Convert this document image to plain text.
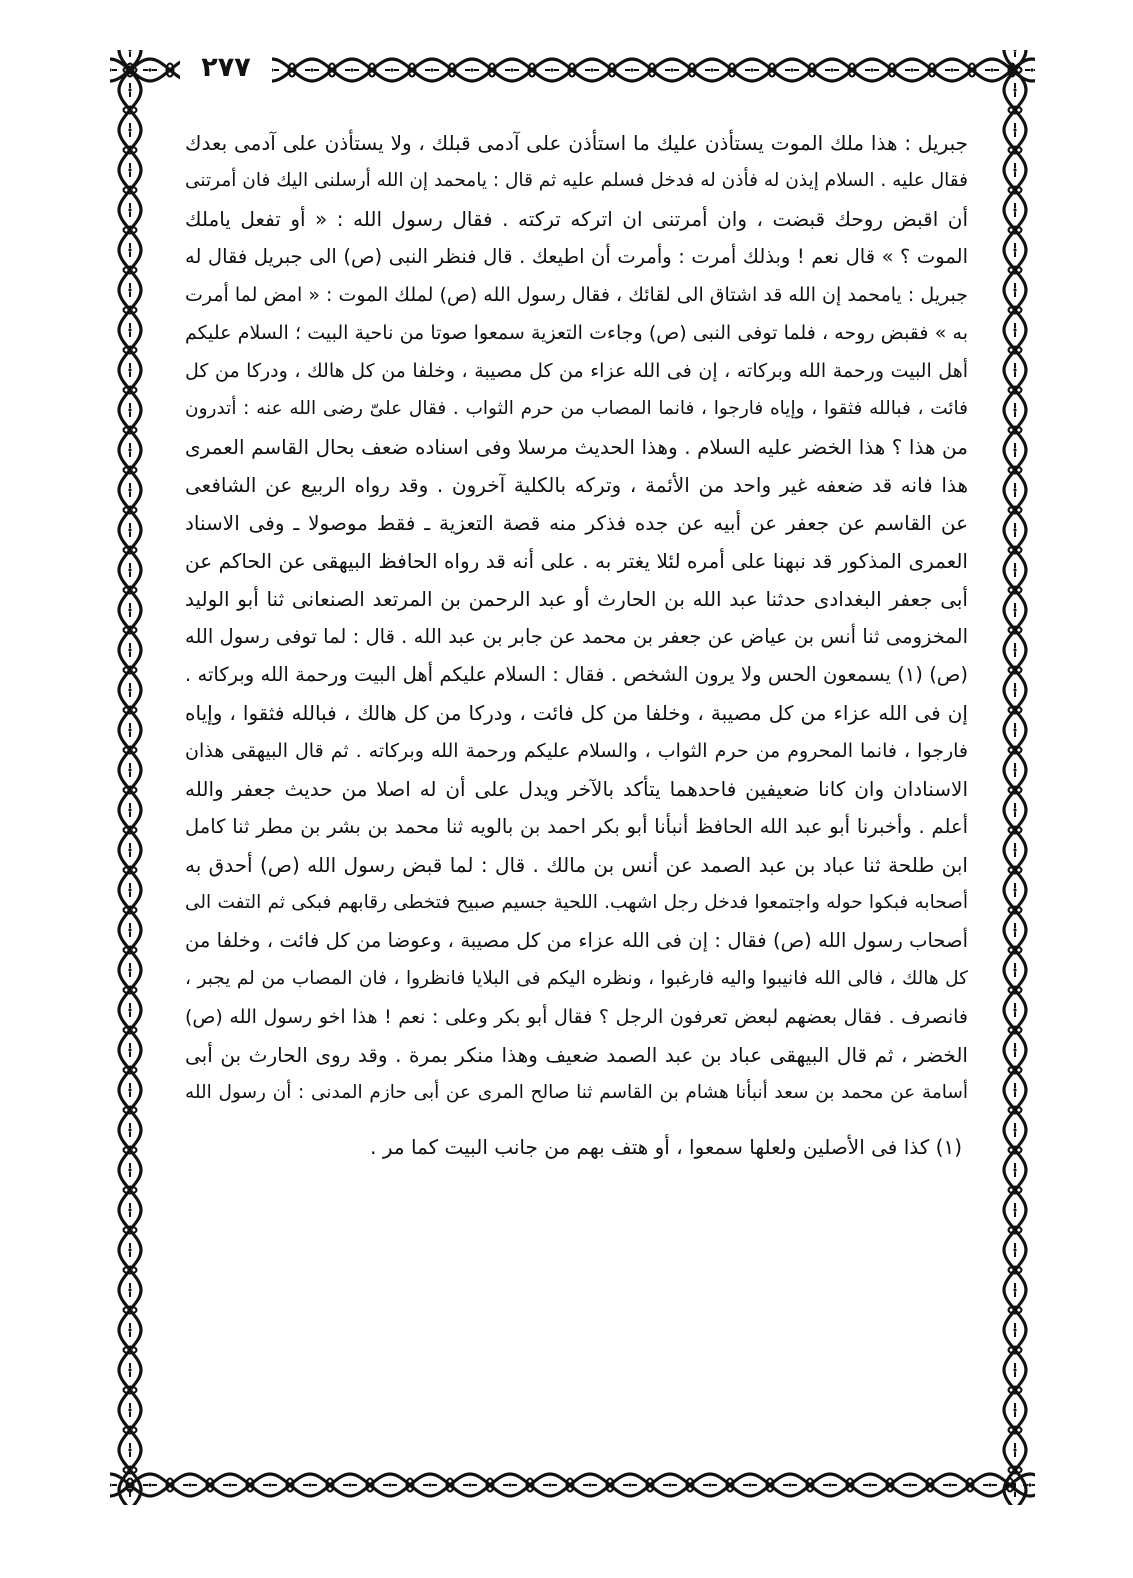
٢٧٧
جبريل : هذا ملك الموت يستأذن عليك ما استأذن على آدمى قبلك ، ولا يستأذن على آدمى بعدك
فقال عليه . السلام إيذن له فأذن له فدخل فسلم عليه ثم قال : يامحمد إن الله أرسلنى اليك فان أمرتنى
أن اقبض روحك قبضت ، وان أمرتنى ان اتركه تركته . فقال رسول الله : « أو تفعل ياملك
الموت ؟ » قال نعم ! وبذلك أمرت : وأمرت أن اطيعك . قال فنظر النبى (ص) الى جبريل فقال له
جبريل : يامحمد إن الله قد اشتاق الى لقائك ، فقال رسول الله (ص) لملك الموت : « امض لما أمرت
به » فقبض روحه ، فلما توفى النبى (ص) وجاءت التعزية سمعوا صوتا من ناحية البيت ؛ السلام عليكم
أهل البيت ورحمة الله وبركاته ، إن فى الله عزاء من كل مصيبة ، وخلفا من كل هالك ، ودركا من كل
فائت ، فبالله فثقوا ، وإياه فارجوا ، فانما المصاب من حرم الثواب . فقال علىّ رضى الله عنه : أتدرون
من هذا ؟ هذا الخضر عليه السلام . وهذا الحديث مرسلا وفى اسناده ضعف بحال القاسم العمرى
هذا فانه قد ضعفه غير واحد من الأئمة ، وتركه بالكلية آخرون . وقد رواه الربيع عن الشافعى
عن القاسم عن جعفر عن أبيه عن جده فذكر منه قصة التعزية ـ فقط موصولا ـ وفى الاسناد
العمرى المذكور قد نبهنا على أمره لئلا يغتر به . على أنه قد رواه الحافظ البيهقى عن الحاكم عن
أبى جعفر البغدادى حدثنا عبد الله بن الحارث أو عبد الرحمن بن المرتعد الصنعانى ثنا أبو الوليد
المخزومى ثنا أنس بن عياض عن جعفر بن محمد عن جابر بن عبد الله . قال : لما توفى رسول الله
(ص) (١) يسمعون الحس ولا يرون الشخص . فقال : السلام عليكم أهل البيت ورحمة الله وبركاته .
إن فى الله عزاء من كل مصيبة ، وخلفا من كل فائت ، ودركا من كل هالك ، فبالله فثقوا ، وإياه
فارجوا ، فانما المحروم من حرم الثواب ، والسلام عليكم ورحمة الله وبركاته . ثم قال البيهقى هذان
الاسنادان وان كانا ضعيفين فاحدهما يتأكد بالآخر ويدل على أن له اصلا من حديث جعفر والله
أعلم . وأخبرنا أبو عبد الله الحافظ أنبأنا أبو بكر احمد بن بالويه ثنا محمد بن بشر بن مطر ثنا كامل
ابن طلحة ثنا عباد بن عبد الصمد عن أنس بن مالك . قال : لما قبض رسول الله (ص) أحدق به
أصحابه فبكوا حوله واجتمعوا فدخل رجل اشهب. اللحية جسيم صبيح فتخطى رقابهم فبكى ثم التفت الى
أصحاب رسول الله (ص) فقال : إن فى الله عزاء من كل مصيبة ، وعوضا من كل فائت ، وخلفا من
كل هالك ، فالى الله فانيبوا واليه فارغبوا ، ونظره اليكم فى البلايا فانظروا ، فان المصاب من لم يجبر ،
فانصرف . فقال بعضهم لبعض تعرفون الرجل ؟ فقال أبو بكر وعلى : نعم ! هذا اخو رسول الله (ص)
الخضر ، ثم قال البيهقى عباد بن عبد الصمد ضعيف وهذا منكر بمرة . وقد روى الحارث بن أبى
أسامة عن محمد بن سعد أنبأنا هشام بن القاسم ثنا صالح المرى عن أبى حازم المدنى : أن رسول الله
(١) كذا فى الأصلين ولعلها سمعوا ، أو هتف بهم من جانب البيت كما مر .
